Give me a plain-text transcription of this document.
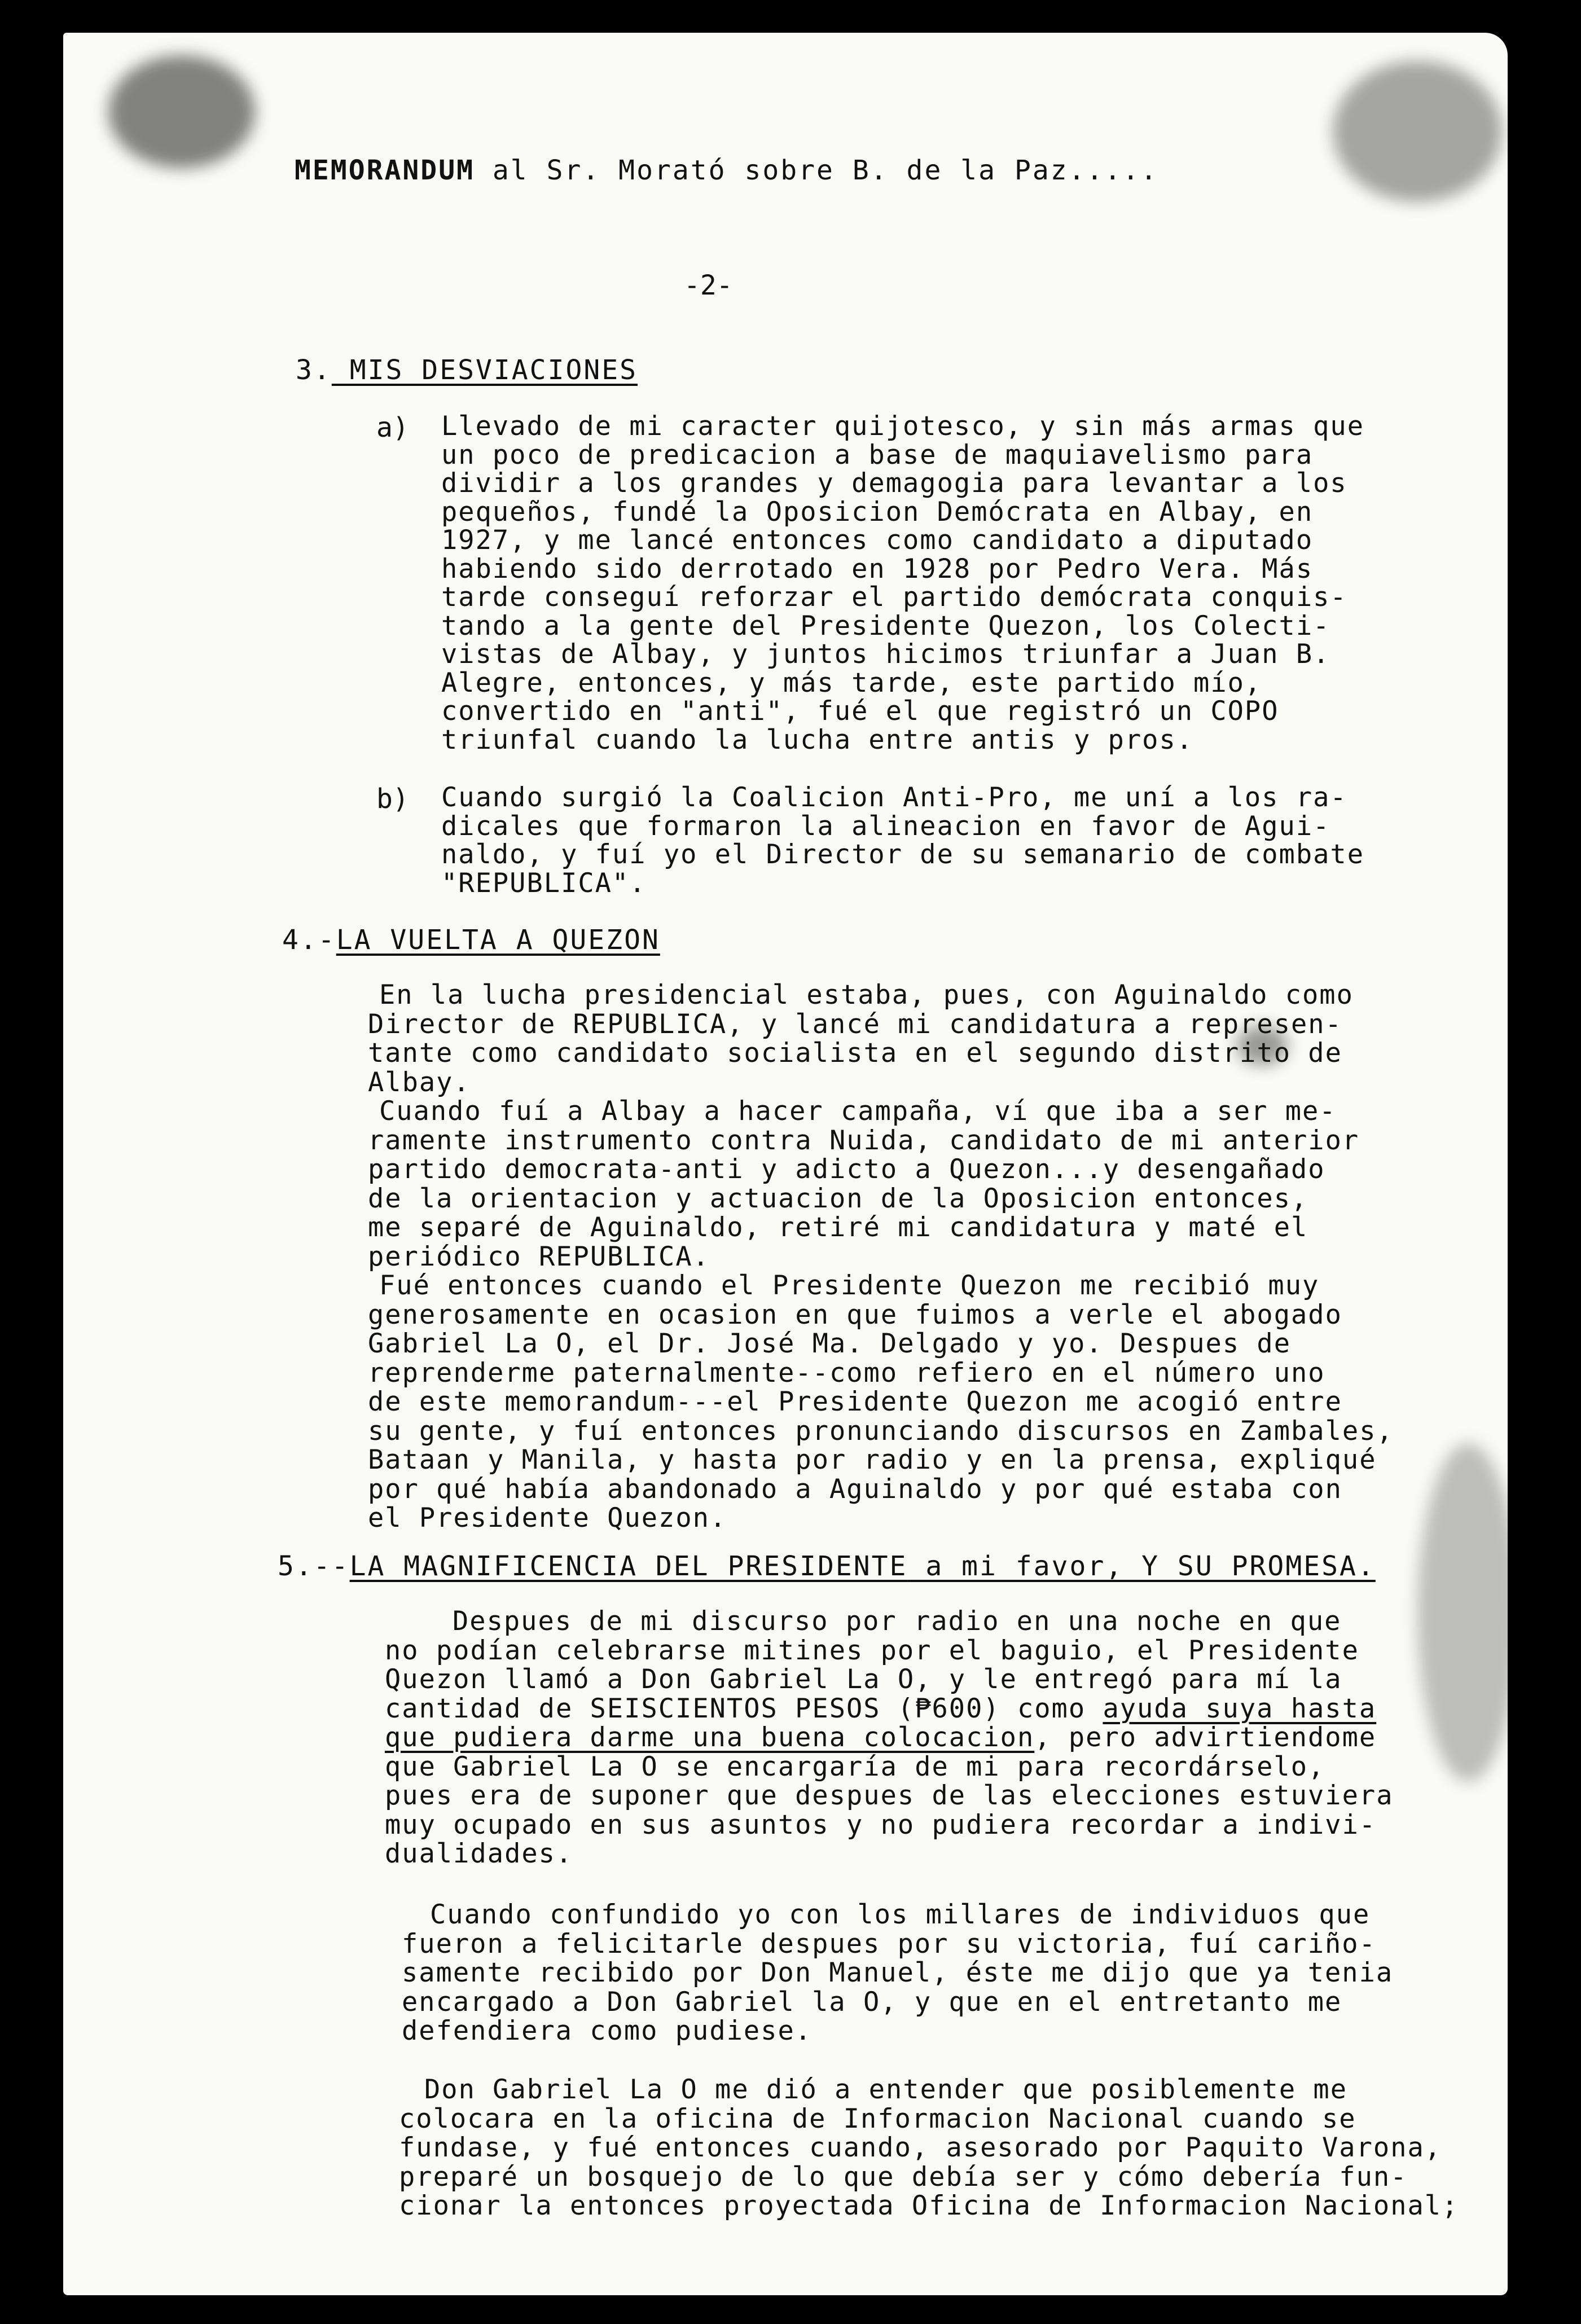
MEMORANDUM al Sr. Morató sobre B. de la Paz.....
-2-
3. MIS DESVIACIONES
a) Llevado de mi caracter quijotesco, y sin más armas que
un poco de predicacion a base de maquiavelismo para
dividir a los grandes y demagogia para levantar a los
pequeños, fundé la Oposicion Demócrata en Albay, en
1927, y me lancé entonces como candidato a diputado
habiendo sido derrotado en 1928 por Pedro Vera. Más
tarde conseguí reforzar el partido demócrata conquis-
tando a la gente del Presidente Quezon, los Colecti-
vistas de Albay, y juntos hicimos triunfar a Juan B.
Alegre, entonces, y más tarde, este partido mío,
convertido en "anti", fué el que registró un COPO
triunfal cuando la lucha entre antis y pros.
b) Cuando surgió la Coalicion Anti-Pro, me uní a los ra-
dicales que formaron la alineacion en favor de Agui-
naldo, y fuí yo el Director de su semanario de combate
"REPUBLICA".
4.-LA VUELTA A QUEZON
En la lucha presidencial estaba, pues, con Aguinaldo como
Director de REPUBLICA, y lancé mi candidatura a represen-
tante como candidato socialista en el segundo distrito de
Albay.
Cuando fuí a Albay a hacer campaña, ví que iba a ser me-
ramente instrumento contra Nuida, candidato de mi anterior
partido democrata-anti y adicto a Quezon...y desengañado
de la orientacion y actuacion de la Oposicion entonces,
me separé de Aguinaldo, retiré mi candidatura y maté el
periódico REPUBLICA.
Fué entonces cuando el Presidente Quezon me recibió muy
generosamente en ocasion en que fuimos a verle el abogado
Gabriel La O, el Dr. José Ma. Delgado y yo. Despues de
reprenderme paternalmente--como refiero en el número uno
de este memorandum---el Presidente Quezon me acogió entre
su gente, y fuí entonces pronunciando discursos en Zambales,
Bataan y Manila, y hasta por radio y en la prensa, expliqué
por qué había abandonado a Aguinaldo y por qué estaba con
el Presidente Quezon.
5.--LA MAGNIFICENCIA DEL PRESIDENTE a mi favor, Y SU PROMESA.
Despues de mi discurso por radio en una noche en que
no podían celebrarse mitines por el baguio, el Presidente
Quezon llamó a Don Gabriel La O, y le entregó para mí la
cantidad de SEISCIENTOS PESOS (₱600) como ayuda suya hasta
que pudiera darme una buena colocacion, pero advirtiendome
que Gabriel La O se encargaría de mi para recordárselo,
pues era de suponer que despues de las elecciones estuviera
muy ocupado en sus asuntos y no pudiera recordar a indivi-
dualidades.
Cuando confundido yo con los millares de individuos que
fueron a felicitarle despues por su victoria, fuí cariño-
samente recibido por Don Manuel, éste me dijo que ya tenia
encargado a Don Gabriel la O, y que en el entretanto me
defendiera como pudiese.
Don Gabriel La O me dió a entender que posiblemente me
colocara en la oficina de Informacion Nacional cuando se
fundase, y fué entonces cuando, asesorado por Paquito Varona,
preparé un bosquejo de lo que debía ser y cómo debería fun-
cionar la entonces proyectada Oficina de Informacion Nacional;
